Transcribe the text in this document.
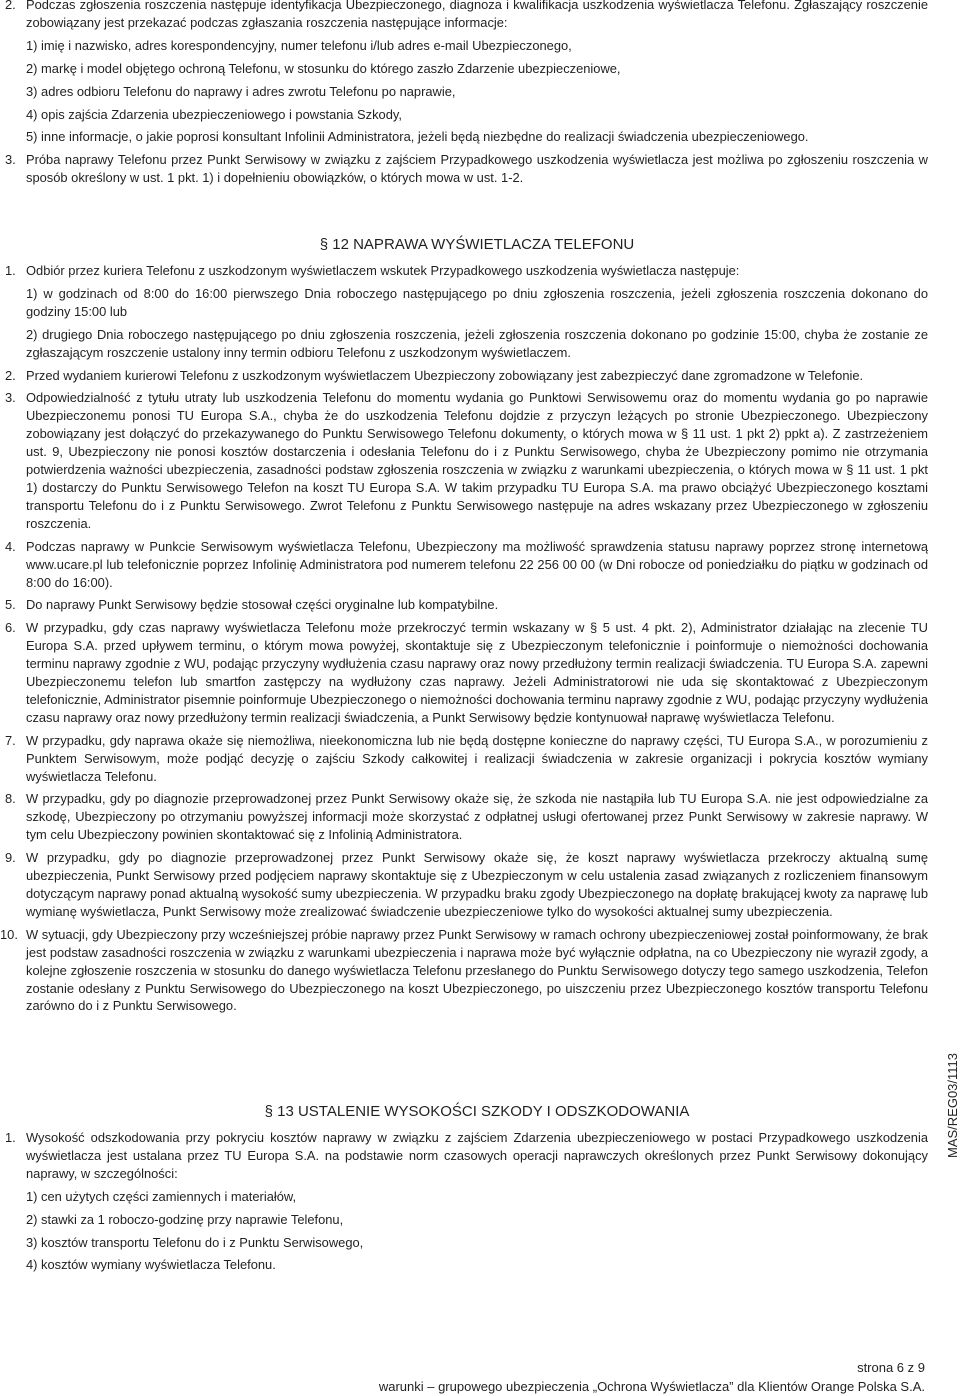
2. Podczas zgłoszenia roszczenia następuje identyfikacja Ubezpieczonego, diagnoza i kwalifikacja uszkodzenia wyświetlacza Telefonu. Zgłaszający roszczenie zobowiązany jest przekazać podczas zgłaszania roszczenia następujące informacje:
1) imię i nazwisko, adres korespondencyjny, numer telefonu i/lub adres e-mail Ubezpieczonego,
2) markę i model objętego ochroną Telefonu, w stosunku do którego zaszło Zdarzenie ubezpieczeniowe,
3) adres odbioru Telefonu do naprawy i adres zwrotu Telefonu po naprawie,
4) opis zajścia Zdarzenia ubezpieczeniowego i powstania Szkody,
5) inne informacje, o jakie poprosi konsultant Infolinii Administratora, jeżeli będą niezbędne do realizacji świadczenia ubezpieczeniowego.
3. Próba naprawy Telefonu przez Punkt Serwisowy w związku z zajściem Przypadkowego uszkodzenia wyświetlacza jest możliwa po zgłoszeniu roszczenia w sposób określony w ust. 1 pkt. 1) i dopełnieniu obowiązków, o których mowa w ust. 1-2.
§ 12 NAPRAWA WYŚWIETLACZA TELEFONU
1. Odbiór przez kuriera Telefonu z uszkodzonym wyświetlaczem wskutek Przypadkowego uszkodzenia wyświetlacza następuje:
1) w godzinach od 8:00 do 16:00 pierwszego Dnia roboczego następującego po dniu zgłoszenia roszczenia, jeżeli zgłoszenia roszczenia dokonano do godziny 15:00 lub
2) drugiego Dnia roboczego następującego po dniu zgłoszenia roszczenia, jeżeli zgłoszenia roszczenia dokonano po godzinie 15:00, chyba że zostanie ze zgłaszającym roszczenie ustalony inny termin odbioru Telefonu z uszkodzonym wyświetlaczem.
2. Przed wydaniem kurierowi Telefonu z uszkodzonym wyświetlaczem Ubezpieczony zobowiązany jest zabezpieczyć dane zgromadzone w Telefonie.
3. Odpowiedzialność z tytułu utraty lub uszkodzenia Telefonu do momentu wydania go Punktowi Serwisowemu oraz do momentu wydania go po naprawie Ubezpieczonemu ponosi TU Europa S.A., chyba że do uszkodzenia Telefonu dojdzie z przyczyn leżących po stronie Ubezpieczonego. Ubezpieczony zobowiązany jest dołączyć do przekazywanego do Punktu Serwisowego Telefonu dokumenty, o których mowa w § 11 ust. 1 pkt 2) ppkt a). Z zastrzeżeniem ust. 9, Ubezpieczony nie ponosi kosztów dostarczenia i odesłania Telefonu do i z Punktu Serwisowego, chyba że Ubezpieczony pomimo nie otrzymania potwierdzenia ważności ubezpieczenia, zasadności podstaw zgłoszenia roszczenia w związku z warunkami ubezpieczenia, o których mowa w § 11 ust. 1 pkt 1) dostarczy do Punktu Serwisowego Telefon na koszt TU Europa S.A. W takim przypadku TU Europa S.A. ma prawo obciążyć Ubezpieczonego kosztami transportu Telefonu do i z Punktu Serwisowego. Zwrot Telefonu z Punktu Serwisowego następuje na adres wskazany przez Ubezpieczonego w zgłoszeniu roszczenia.
4. Podczas naprawy w Punkcie Serwisowym wyświetlacza Telefonu, Ubezpieczony ma możliwość sprawdzenia statusu naprawy poprzez stronę internetową www.ucare.pl lub telefonicznie poprzez Infolinię Administratora pod numerem telefonu 22 256 00 00 (w Dni robocze od poniedziałku do piątku w godzinach od 8:00 do 16:00).
5. Do naprawy Punkt Serwisowy będzie stosował części oryginalne lub kompatybilne.
6. W przypadku, gdy czas naprawy wyświetlacza Telefonu może przekroczyć termin wskazany w § 5 ust. 4 pkt. 2), Administrator działając na zlecenie TU Europa S.A. przed upływem terminu, o którym mowa powyżej, skontaktuje się z Ubezpieczonym telefonicznie i poinformuje o niemożności dochowania terminu naprawy zgodnie z WU, podając przyczyny wydłużenia czasu naprawy oraz nowy przedłużony termin realizacji świadczenia. TU Europa S.A. zapewni Ubezpieczonemu telefon lub smartfon zastępczy na wydłużony czas naprawy. Jeżeli Administratorowi nie uda się skontaktować z Ubezpieczonym telefonicznie, Administrator pisemnie poinformuje Ubezpieczonego o niemożności dochowania terminu naprawy zgodnie z WU, podając przyczyny wydłużenia czasu naprawy oraz nowy przedłużony termin realizacji świadczenia, a Punkt Serwisowy będzie kontynuował naprawę wyświetlacza Telefonu.
7. W przypadku, gdy naprawa okaże się niemożliwa, nieekonomiczna lub nie będą dostępne konieczne do naprawy części, TU Europa S.A., w porozumieniu z Punktem Serwisowym, może podjąć decyzję o zajściu Szkody całkowitej i realizacji świadczenia w zakresie organizacji i pokrycia kosztów wymiany wyświetlacza Telefonu.
8. W przypadku, gdy po diagnozie przeprowadzonej przez Punkt Serwisowy okaże się, że szkoda nie nastąpiła lub TU Europa S.A. nie jest odpowiedzialne za szkodę, Ubezpieczony po otrzymaniu powyższej informacji może skorzystać z odpłatnej usługi ofertowanej przez Punkt Serwisowy w zakresie naprawy. W tym celu Ubezpieczony powinien skontaktować się z Infolinią Administratora.
9. W przypadku, gdy po diagnozie przeprowadzonej przez Punkt Serwisowy okaże się, że koszt naprawy wyświetlacza przekroczy aktualną sumę ubezpieczenia, Punkt Serwisowy przed podjęciem naprawy skontaktuje się z Ubezpieczonym w celu ustalenia zasad związanych z rozliczeniem finansowym dotyczącym naprawy ponad aktualną wysokość sumy ubezpieczenia. W przypadku braku zgody Ubezpieczonego na dopłatę brakującej kwoty za naprawę lub wymianę wyświetlacza, Punkt Serwisowy może zrealizować świadczenie ubezpieczeniowe tylko do wysokości aktualnej sumy ubezpieczenia.
10. W sytuacji, gdy Ubezpieczony przy wcześniejszej próbie naprawy przez Punkt Serwisowy w ramach ochrony ubezpieczeniowej został poinformowany, że brak jest podstaw zasadności roszczenia w związku z warunkami ubezpieczenia i naprawa może być wyłącznie odpłatna, na co Ubezpieczony nie wyraził zgody, a kolejne zgłoszenie roszczenia w stosunku do danego wyświetlacza Telefonu przesłanego do Punktu Serwisowego dotyczy tego samego uszkodzenia, Telefon zostanie odesłany z Punktu Serwisowego do Ubezpieczonego na koszt Ubezpieczonego, po uiszczeniu przez Ubezpieczonego kosztów transportu Telefonu zarówno do i z Punktu Serwisowego.
§ 13 USTALENIE WYSOKOŚCI SZKODY I ODSZKODOWANIA
1. Wysokość odszkodowania przy pokryciu kosztów naprawy w związku z zajściem Zdarzenia ubezpieczeniowego w postaci Przypadkowego uszkodzenia wyświetlacza jest ustalana przez TU Europa S.A. na podstawie norm czasowych operacji naprawczych określonych przez Punkt Serwisowy dokonujący naprawy, w szczególności:
1) cen użytych części zamiennych i materiałów,
2) stawki za 1 roboczo-godzinę przy naprawie Telefonu,
3) kosztów transportu Telefonu do i z Punktu Serwisowego,
4) kosztów wymiany wyświetlacza Telefonu.
MAS/REG03/1113
strona 6 z 9
warunki – grupowego ubezpieczenia „Ochrona Wyświetlacza” dla Klientów Orange Polska S.A.
